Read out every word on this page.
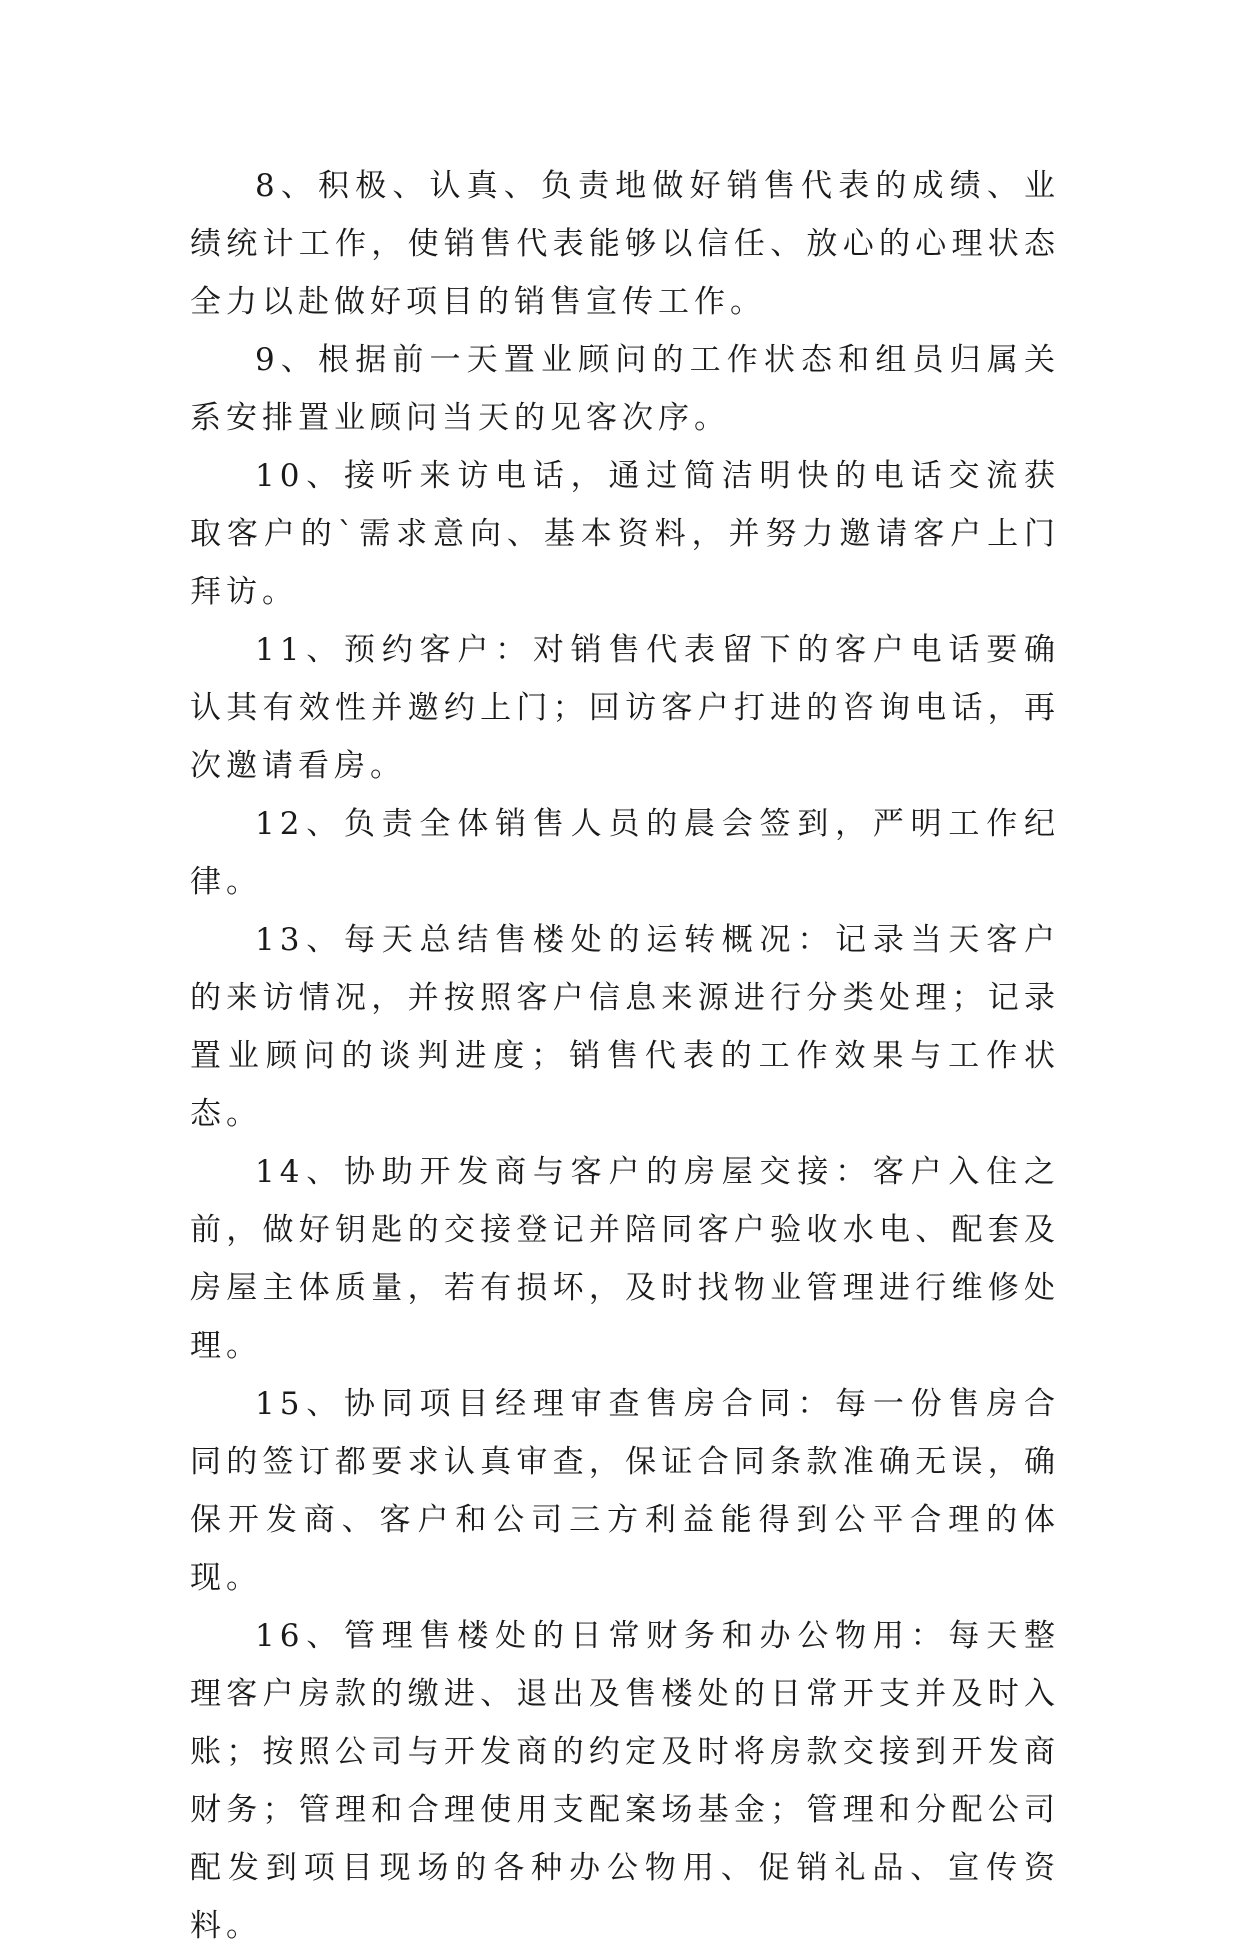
8、积极、认真、负责地做好销售代表的成绩、业绩统计工作，使销售代表能够以信任、放心的心理状态全力以赴做好项目的销售宣传工作。

9、根据前一天置业顾问的工作状态和组员归属关系安排置业顾问当天的见客次序。

10、接听来访电话，通过简洁明快的电话交流获取客户的`需求意向、基本资料，并努力邀请客户上门拜访。

11、预约客户：对销售代表留下的客户电话要确认其有效性并邀约上门；回访客户打进的咨询电话，再次邀请看房。

12、负责全体销售人员的晨会签到，严明工作纪律。

13、每天总结售楼处的运转概况：记录当天客户的来访情况，并按照客户信息来源进行分类处理；记录置业顾问的谈判进度；销售代表的工作效果与工作状态。

14、协助开发商与客户的房屋交接：客户入住之前，做好钥匙的交接登记并陪同客户验收水电、配套及房屋主体质量，若有损坏，及时找物业管理进行维修处理。

15、协同项目经理审查售房合同：每一份售房合同的签订都要求认真审查，保证合同条款准确无误，确保开发商、客户和公司三方利益能得到公平合理的体现。

16、管理售楼处的日常财务和办公物用：每天整理客户房款的缴进、退出及售楼处的日常开支并及时入账；按照公司与开发商的约定及时将房款交接到开发商财务；管理和合理使用支配案场基金；管理和分配公司配发到项目现场的各种办公物用、促销礼品、宣传资料。
